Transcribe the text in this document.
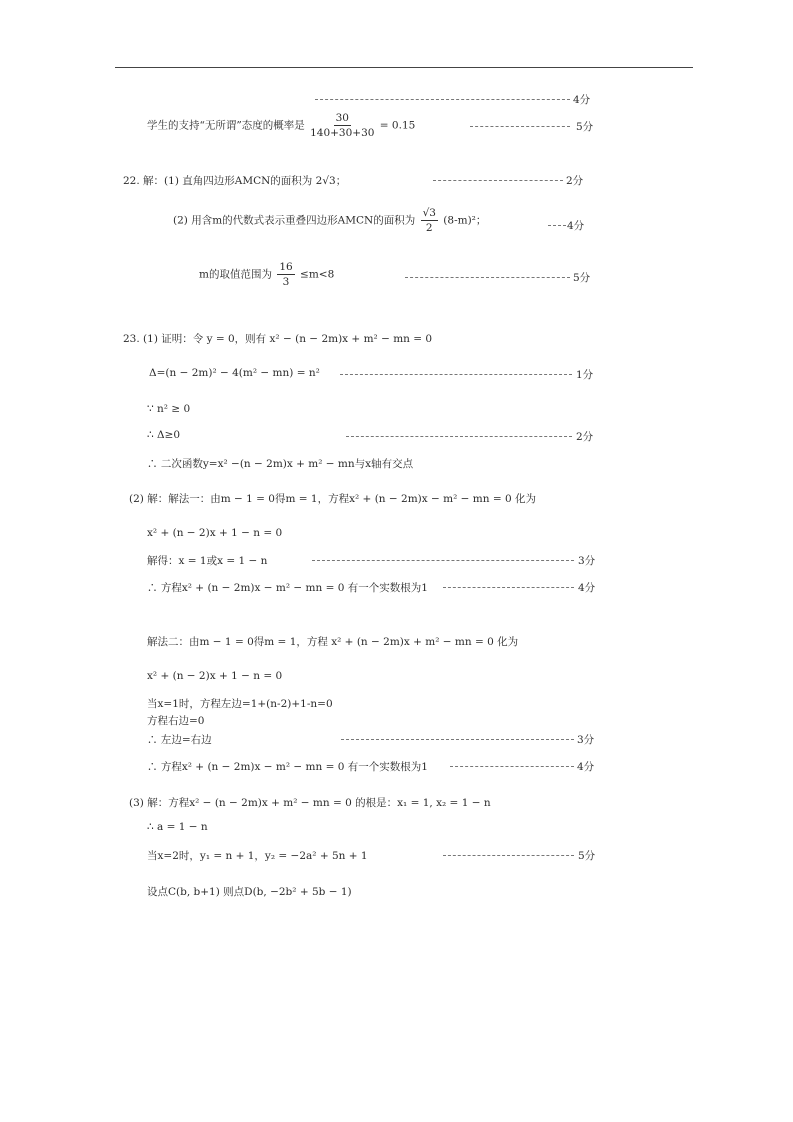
4分
学生的支持“无所谓”态度的概率是 $\frac{30}{140+30+30} = 0.15$	5分
22. 解：(1) 直角四边形AMCN的面积为 2√3；	2分
(2) 用含m的代数式表示重叠四边形AMCN的面积为 $\frac{√3}{2} (8-m)^2$；	4分
m的取值范围为 $\frac{16}{3} \le m<8$	5分
23. (1) 证明：令 y = 0，则有 x² − (n − 2m)x + m² − mn = 0
Δ=(n − 2m)² − 4(m² − mn) = n²	1分
∵ n² ≥ 0
∴ Δ≥0	2分
∴ 二次函数y=x² −(n − 2m)x + m² − mn与x轴有交点
(2) 解：解法一：由m − 1 = 0得m = 1，方程x² + (n − 2m)x − m² − mn = 0 化为
x² + (n − 2)x + 1 − n = 0
解得：x = 1或x = 1 − n	3分
∴ 方程x² + (n − 2m)x − m² − mn = 0 有一个实数根为1	4分
解法二：由m − 1 = 0得m = 1，方程 x² + (n − 2m)x + m² − mn = 0 化为
x² + (n − 2)x + 1 − n = 0
当x=1时，方程左边=1+(n-2)+1-n=0
方程右边=0
∴ 左边=右边	3分
∴ 方程x² + (n − 2m)x − m² − mn = 0 有一个实数根为1	4分
(3) 解：方程x² − (n − 2m)x + m² − mn = 0 的根是：x₁ = 1, x₂ = 1 − n
∴ a = 1 − n
当x=2时，y₁ = n + 1，y₂ = −2a² + 5n + 1	5分
设点C(b, b+1) 则点D(b, −2b² + 5b − 1)
